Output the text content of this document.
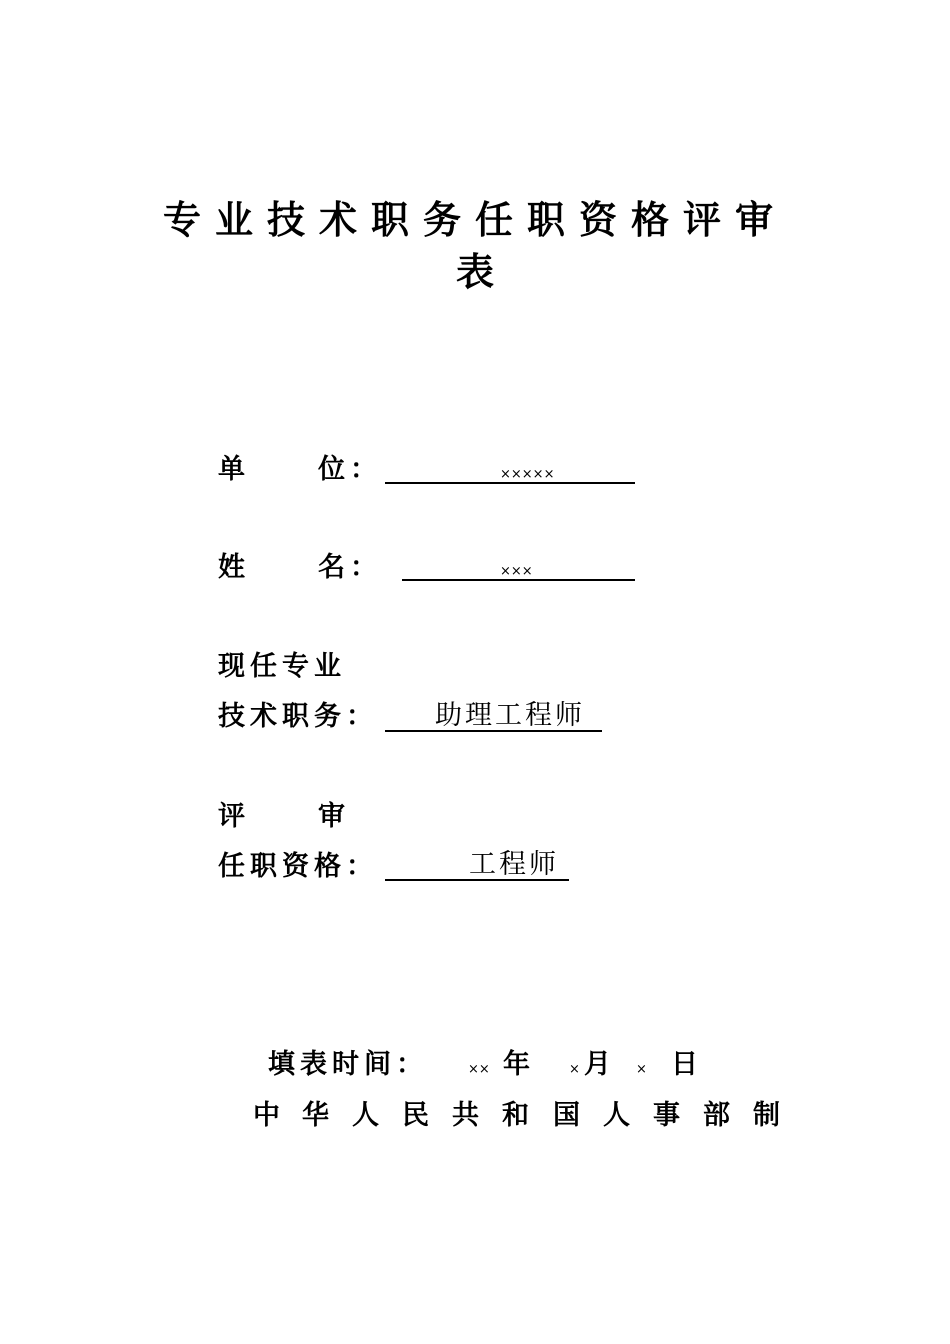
专业技术职务任职资格评审
表
单	位：	×××××
姓	名：	×××
现任专业
技术职务： 助理工程师
评	审
任职资格：	工程师
填表时间：	×× 年	× 月 × 日
中 华 人 民 共 和 国 人 事 部 制
